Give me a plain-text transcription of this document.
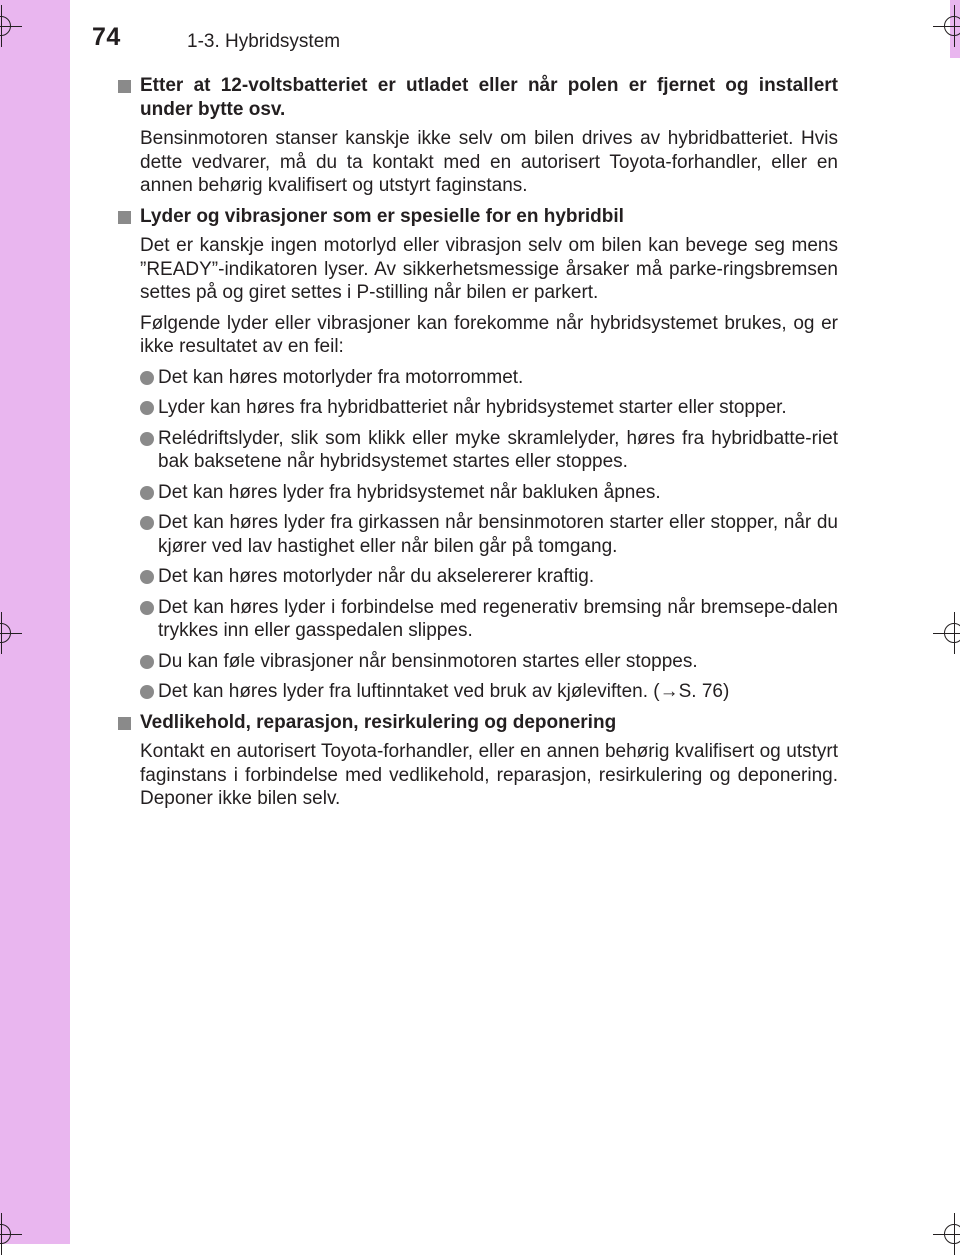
74	1-3. Hybridsystem
Etter at 12-voltsbatteriet er utladet eller når polen er fjernet og installert under bytte osv.
Bensinmotoren stanser kanskje ikke selv om bilen drives av hybridbatteriet. Hvis dette vedvarer, må du ta kontakt med en autorisert Toyota-forhandler, eller en annen behørig kvalifisert og utstyrt faginstans.
Lyder og vibrasjoner som er spesielle for en hybridbil
Det er kanskje ingen motorlyd eller vibrasjon selv om bilen kan bevege seg mens ”READY”-indikatoren lyser. Av sikkerhetsmessige årsaker må parke-ringsbremsen settes på og giret settes i P-stilling når bilen er parkert.
Følgende lyder eller vibrasjoner kan forekomme når hybridsystemet brukes, og er ikke resultatet av en feil:
Det kan høres motorlyder fra motorrommet.
Lyder kan høres fra hybridbatteriet når hybridsystemet starter eller stopper.
Relédriftslyder, slik som klikk eller myke skramlelyder, høres fra hybridbatte-riet bak baksetene når hybridsystemet startes eller stoppes.
Det kan høres lyder fra hybridsystemet når bakluken åpnes.
Det kan høres lyder fra girkassen når bensinmotoren starter eller stopper, når du kjører ved lav hastighet eller når bilen går på tomgang.
Det kan høres motorlyder når du akselererer kraftig.
Det kan høres lyder i forbindelse med regenerativ bremsing når bremsepe-dalen trykkes inn eller gasspedalen slippes.
Du kan føle vibrasjoner når bensinmotoren startes eller stoppes.
Det kan høres lyder fra luftinntaket ved bruk av kjøleviften. (→S. 76)
Vedlikehold, reparasjon, resirkulering og deponering
Kontakt en autorisert Toyota-forhandler, eller en annen behørig kvalifisert og utstyrt faginstans i forbindelse med vedlikehold, reparasjon, resirkulering og deponering. Deponer ikke bilen selv.
